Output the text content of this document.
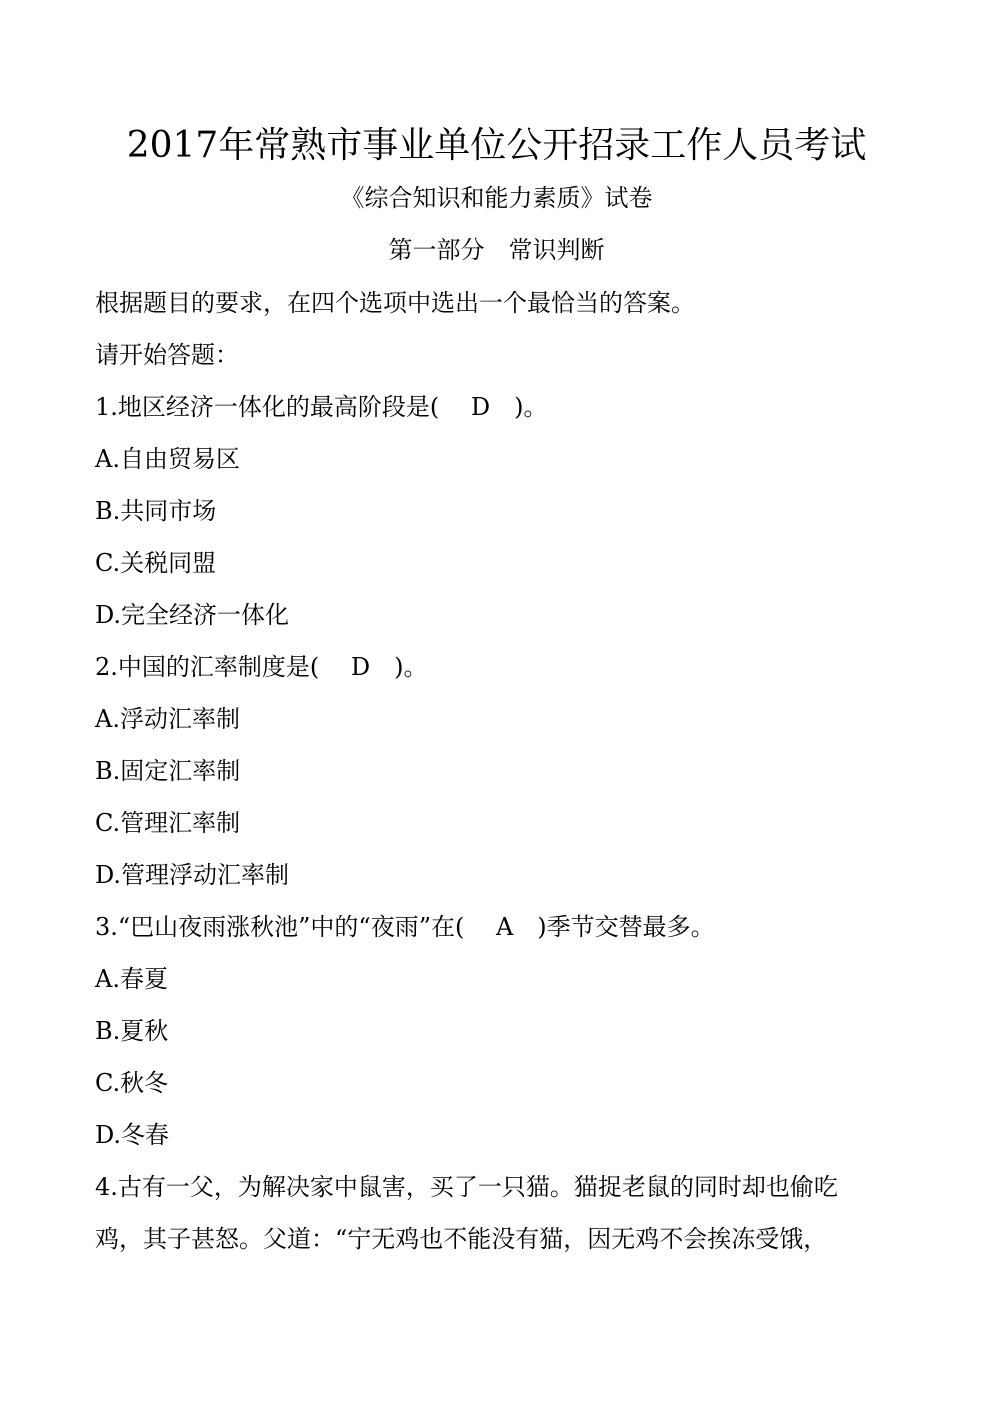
2017年常熟市事业单位公开招录工作人员考试
《综合知识和能力素质》试卷
第一部分　常识判断
根据题目的要求，在四个选项中选出一个最恰当的答案。
请开始答题：
1.地区经济一体化的最高阶段是(　 D　)。
A.自由贸易区
B.共同市场
C.关税同盟
D.完全经济一体化
2.中国的汇率制度是(　 D　)。
A.浮动汇率制
B.固定汇率制
C.管理汇率制
D.管理浮动汇率制
3.“巴山夜雨涨秋池”中的“夜雨”在(　 A　)季节交替最多。
A.春夏
B.夏秋
C.秋冬
D.冬春
4.古有一父，为解决家中鼠害，买了一只猫。猫捉老鼠的同时却也偷吃
鸡，其子甚怒。父道：“宁无鸡也不能没有猫，因无鸡不会挨冻受饿，
